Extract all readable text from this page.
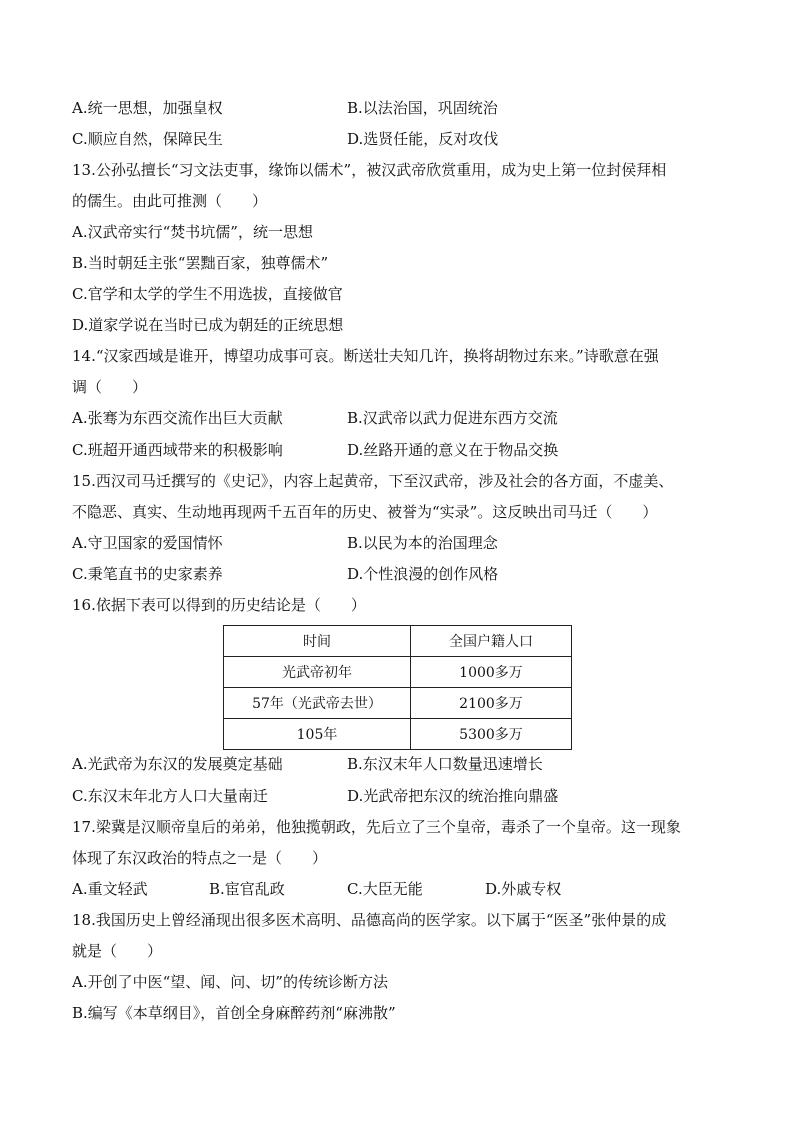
A.统一思想，加强皇权	B.以法治国，巩固统治
C.顺应自然，保障民生	D.选贤任能，反对攻伐
13.公孙弘擅长“习文法吏事，缘饰以儒术”，被汉武帝欣赏重用，成为史上第一位封侯拜相
的儒生。由此可推测（　　）
A.汉武帝实行“焚书坑儒”，统一思想
B.当时朝廷主张“罢黜百家，独尊儒术”
C.官学和太学的学生不用选拔，直接做官
D.道家学说在当时已成为朝廷的正统思想
14.“汉家西域是谁开，博望功成事可哀。断送壮夫知几许，换将胡物过东来。”诗歌意在强
调（　　）
A.张骞为东西交流作出巨大贡献	B.汉武帝以武力促进东西方交流
C.班超开通西域带来的积极影响	D.丝路开通的意义在于物品交换
15.西汉司马迁撰写的《史记》，内容上起黄帝，下至汉武帝，涉及社会的各方面，不虚美、
不隐恶、真实、生动地再现两千五百年的历史、被誉为“实录”。这反映出司马迁（　　）
A.守卫国家的爱国情怀	B.以民为本的治国理念
C.秉笔直书的史家素养	D.个性浪漫的创作风格
16.依据下表可以得到的历史结论是（　　）
时间	全国户籍人口
光武帝初年	1000多万
57年（光武帝去世）	2100多万
105年	5300多万
A.光武帝为东汉的发展奠定基础	B.东汉末年人口数量迅速增长
C.东汉末年北方人口大量南迁	D.光武帝把东汉的统治推向鼎盛
17.梁冀是汉顺帝皇后的弟弟，他独揽朝政，先后立了三个皇帝，毒杀了一个皇帝。这一现象
体现了东汉政治的特点之一是（　　）
A.重文轻武	B.宦官乱政	C.大臣无能	D.外戚专权
18.我国历史上曾经涌现出很多医术高明、品德高尚的医学家。以下属于“医圣”张仲景的成
就是（　　）
A.开创了中医“望、闻、问、切”的传统诊断方法
B.编写《本草纲目》，首创全身麻醉药剂“麻沸散”
